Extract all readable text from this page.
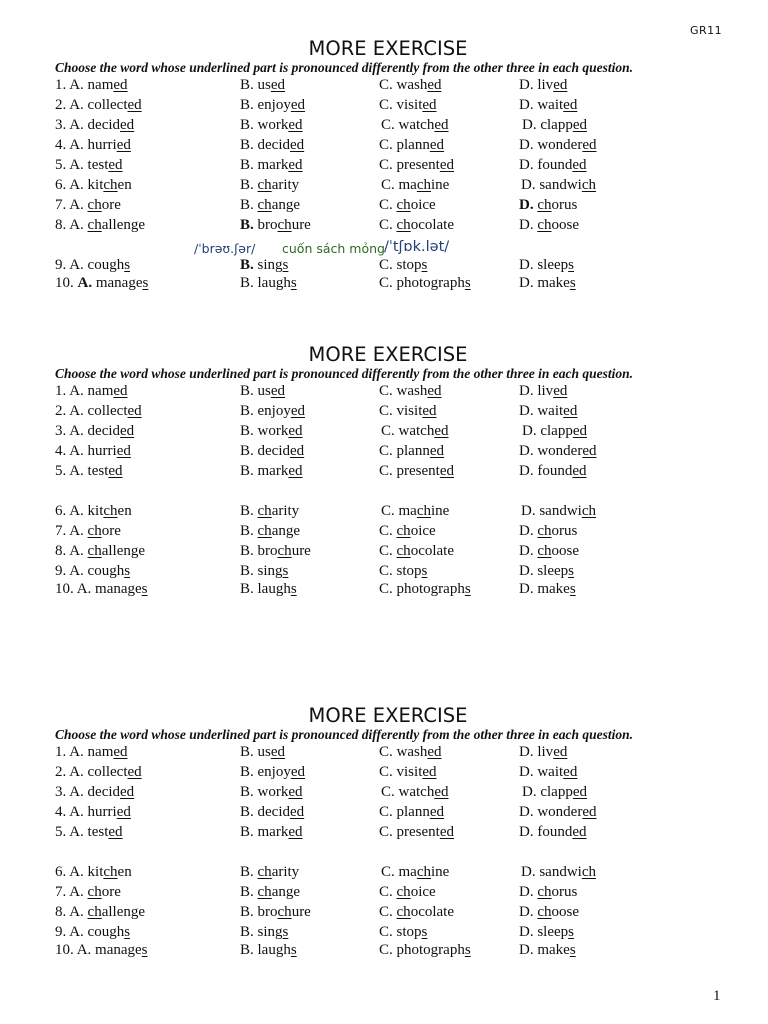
GR11
MORE EXERCISE
Choose the word whose underlined part is pronounced differently from the other three in each question.
1. A. named	B. used	C. washed	D. lived
2. A. collected	B. enjoyed	C. visited	D. waited
3. A. decided	B. worked	C. watched	D. clapped
4. A. hurried	B. decided	C. planned	D. wondered
5. A. tested	B. marked	C. presented	D. founded
6. A. kitchen	B. charity	C. machine	D. sandwich
7. A. chore	B. change	C. choice	D. chorus
8. A. challenge	B. brochure	C. chocolate	D. choose
9. A. coughs	B. sings	C. stops	D. sleeps
10. A. manages	B. laughs	C. photographs	D. makes
/ˈbrəʊ.ʃər/ cuốn sách mỏng /ˈtʃɒk.lət/
MORE EXERCISE
Choose the word whose underlined part is pronounced differently from the other three in each question.
1. A. named	B. used	C. washed	D. lived
2. A. collected	B. enjoyed	C. visited	D. waited
3. A. decided	B. worked	C. watched	D. clapped
4. A. hurried	B. decided	C. planned	D. wondered
5. A. tested	B. marked	C. presented	D. founded
6. A. kitchen	B. charity	C. machine	D. sandwich
7. A. chore	B. change	C. choice	D. chorus
8. A. challenge	B. brochure	C. chocolate	D. choose
9. A. coughs	B. sings	C. stops	D. sleeps
10. A. manages	B. laughs	C. photographs	D. makes
MORE EXERCISE
Choose the word whose underlined part is pronounced differently from the other three in each question.
1. A. named	B. used	C. washed	D. lived
2. A. collected	B. enjoyed	C. visited	D. waited
3. A. decided	B. worked	C. watched	D. clapped
4. A. hurried	B. decided	C. planned	D. wondered
5. A. tested	B. marked	C. presented	D. founded
6. A. kitchen	B. charity	C. machine	D. sandwich
7. A. chore	B. change	C. choice	D. chorus
8. A. challenge	B. brochure	C. chocolate	D. choose
9. A. coughs	B. sings	C. stops	D. sleeps
10. A. manages	B. laughs	C. photographs	D. makes
1
